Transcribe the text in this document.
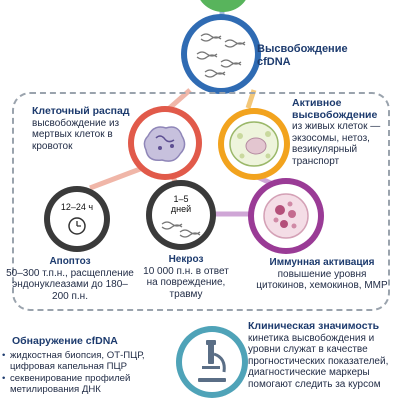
Высвобождение cfDNA
Клеточный распад
высвобождение из мертвых клеток в кровоток
Активное высвобождение
из живых клеток — экзосомы, нетоз, везикулярный транспорт
12–24 ч
Апоптоз
50–300 т.п.н., расщепление эндонуклеазами до 180–200 п.н.
1–5 дней
Некроз
10 000 п.н. в ответ на повреждение, травму
Иммунная активация
повышение уровня цитокинов, хемокинов, MMP
Обнаружение cfDNA
• жидкостная биопсия, ОТ-ПЦР, цифровая капельная ПЦР
• секвенирование профилей метилирования ДНК
Клиническая значимость
кинетика высвобождения и уровни служат в качестве прогностических показателей, диагностические маркеры помогают следить за курсом
